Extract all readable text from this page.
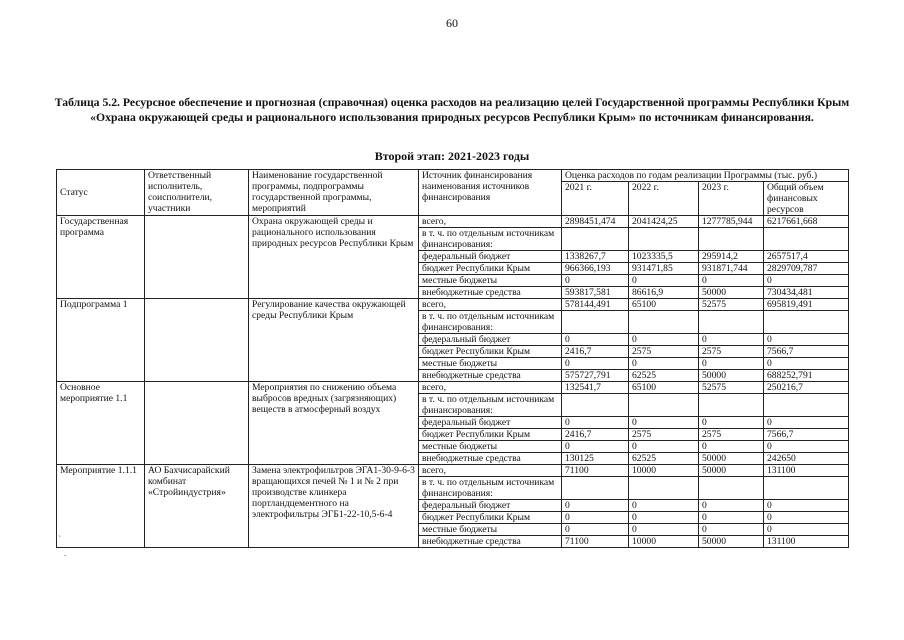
60
Таблица 5.2. Ресурсное обеспечение и прогнозная (справочная) оценка расходов на реализацию целей Государственной программы Республики Крым «Охрана окружающей среды и рационального использования природных ресурсов Республики Крым» по источникам финансирования.
Второй этап: 2021-2023 годы
Статус	Ответственный исполнитель, соисполнители, участники	Наименование государственной программы, подпрограммы государственной программы, мероприятий	Источник финансирования наименования источников финансирования	Оценка расходов по годам реализации Программы (тыс. руб.)			
				2021 г.	2022 г.	2023 г.	Общий объем финансовых ресурсов
Государственная программа		Охрана окружающей среды и рационального использования природных ресурсов Республики Крым	всего,	2898451,474	2041424,25	1277785,944	6217661,668
			в т. ч. по отдельным источникам финансирования:				
			федеральный бюджет	1338267,7	1023335,5	295914,2	2657517,4
			бюджет Республики Крым	966366,193	931471,85	931871,744	2829709,787
			местные бюджеты	0	0	0	0
			внебюджетные средства	593817,581	86616,9	50000	730434,481
Подпрограмма 1		Регулирование качества окружающей среды Республики Крым	всего,	578144,491	65100	52575	695819,491
			в т. ч. по отдельным источникам финансирования:				
			федеральный бюджет	0	0	0	0
			бюджет Республики Крым	2416,7	2575	2575	7566,7
			местные бюджеты	0	0	0	0
			внебюджетные средства	575727,791	62525	50000	688252,791
Основное мероприятие 1.1		Мероприятия по снижению объема выбросов вредных (загрязняющих) веществ в атмосферный воздух	всего,	132541,7	65100	52575	250216,7
			в т. ч. по отдельным источникам финансирования:				
			федеральный бюджет	0	0	0	0
			бюджет Республики Крым	2416,7	2575	2575	7566,7
			местные бюджеты	0	0	0	0
			внебюджетные средства	130125	62525	50000	242650
Мероприятие 1.1.1	АО Бахчисарайский комбинат «Стройиндустрия»	Замена электрофильтров ЭГА1-30-9-6-3 вращающихся печей № 1 и № 2 при производстве клинкера портландцементного на электрофильтры ЭГБ1-22-10,5-6-4	всего,	71100	10000	50000	131100
			в т. ч. по отдельным источникам финансирования:				
			федеральный бюджет	0	0	0	0
			бюджет Республики Крым	0	0	0	0
			местные бюджеты	0	0	0	0
			внебюджетные средства	71100	10000	50000	131100
`
.
